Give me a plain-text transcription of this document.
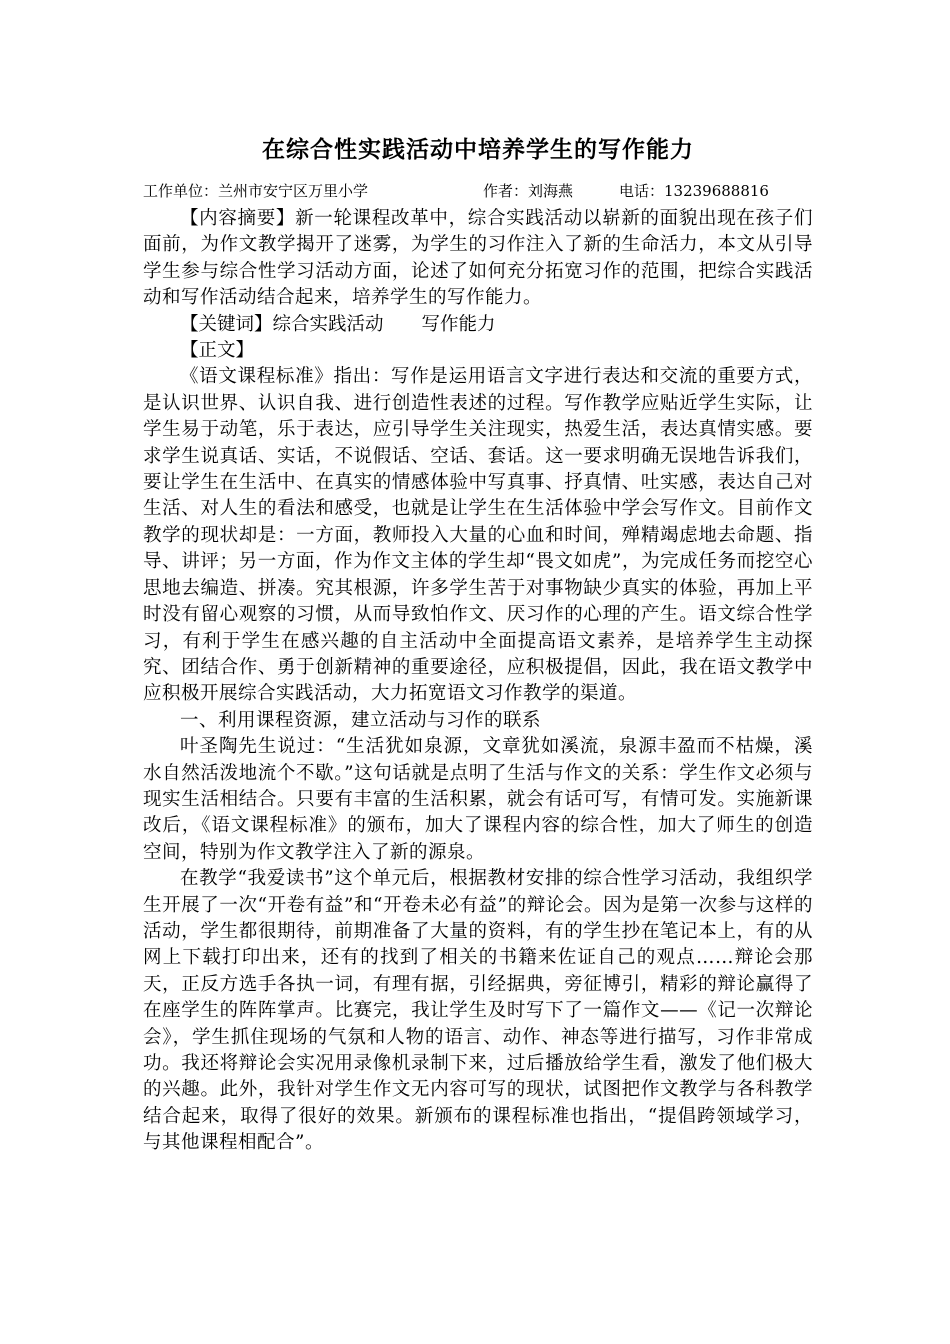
在综合性实践活动中培养学生的写作能力
工作单位：兰州市安宁区万里小学	作者：刘海燕	电话：13239688816

【内容摘要】新一轮课程改革中，综合实践活动以崭新的面貌出现在孩子们面前，为作文教学揭开了迷雾，为学生的习作注入了新的生命活力，本文从引导学生参与综合性学习活动方面，论述了如何充分拓宽习作的范围，把综合实践活动和写作活动结合起来，培养学生的写作能力。

【关键词】综合实践活动 写作能力

【正文】

《语文课程标准》指出：写作是运用语言文字进行表达和交流的重要方式，是认识世界、认识自我、进行创造性表述的过程。写作教学应贴近学生实际，让学生易于动笔，乐于表达，应引导学生关注现实，热爱生活，表达真情实感。要求学生说真话、实话，不说假话、空话、套话。这一要求明确无误地告诉我们，要让学生在生活中、在真实的情感体验中写真事、抒真情、吐实感，表达自己对生活、对人生的看法和感受，也就是让学生在生活体验中学会写作文。目前作文教学的现状却是：一方面，教师投入大量的心血和时间，殚精竭虑地去命题、指导、讲评；另一方面，作为作文主体的学生却“畏文如虎”，为完成任务而挖空心思地去编造、拼凑。究其根源，许多学生苦于对事物缺少真实的体验，再加上平时没有留心观察的习惯，从而导致怕作文、厌习作的心理的产生。语文综合性学习，有利于学生在感兴趣的自主活动中全面提高语文素养，是培养学生主动探究、团结合作、勇于创新精神的重要途径，应积极提倡，因此，我在语文教学中应积极开展综合实践活动，大力拓宽语文习作教学的渠道。

一、利用课程资源，建立活动与习作的联系

叶圣陶先生说过：“生活犹如泉源，文章犹如溪流，泉源丰盈而不枯燥，溪水自然活泼地流个不歇。”这句话就是点明了生活与作文的关系：学生作文必须与现实生活相结合。只要有丰富的生活积累，就会有话可写，有情可发。实施新课改后，《语文课程标准》的颁布，加大了课程内容的综合性，加大了师生的创造空间，特别为作文教学注入了新的源泉。

在教学“我爱读书”这个单元后，根据教材安排的综合性学习活动，我组织学生开展了一次“开卷有益”和“开卷未必有益”的辩论会。因为是第一次参与这样的活动，学生都很期待，前期准备了大量的资料，有的学生抄在笔记本上，有的从网上下载打印出来，还有的找到了相关的书籍来佐证自己的观点……辩论会那天，正反方选手各执一词，有理有据，引经据典，旁征博引，精彩的辩论赢得了在座学生的阵阵掌声。比赛完，我让学生及时写下了一篇作文——《记一次辩论会》，学生抓住现场的气氛和人物的语言、动作、神态等进行描写，习作非常成功。我还将辩论会实况用录像机录制下来，过后播放给学生看，激发了他们极大的兴趣。此外，我针对学生作文无内容可写的现状，试图把作文教学与各科教学结合起来，取得了很好的效果。新颁布的课程标准也指出，“提倡跨领域学习，与其他课程相配合”。
